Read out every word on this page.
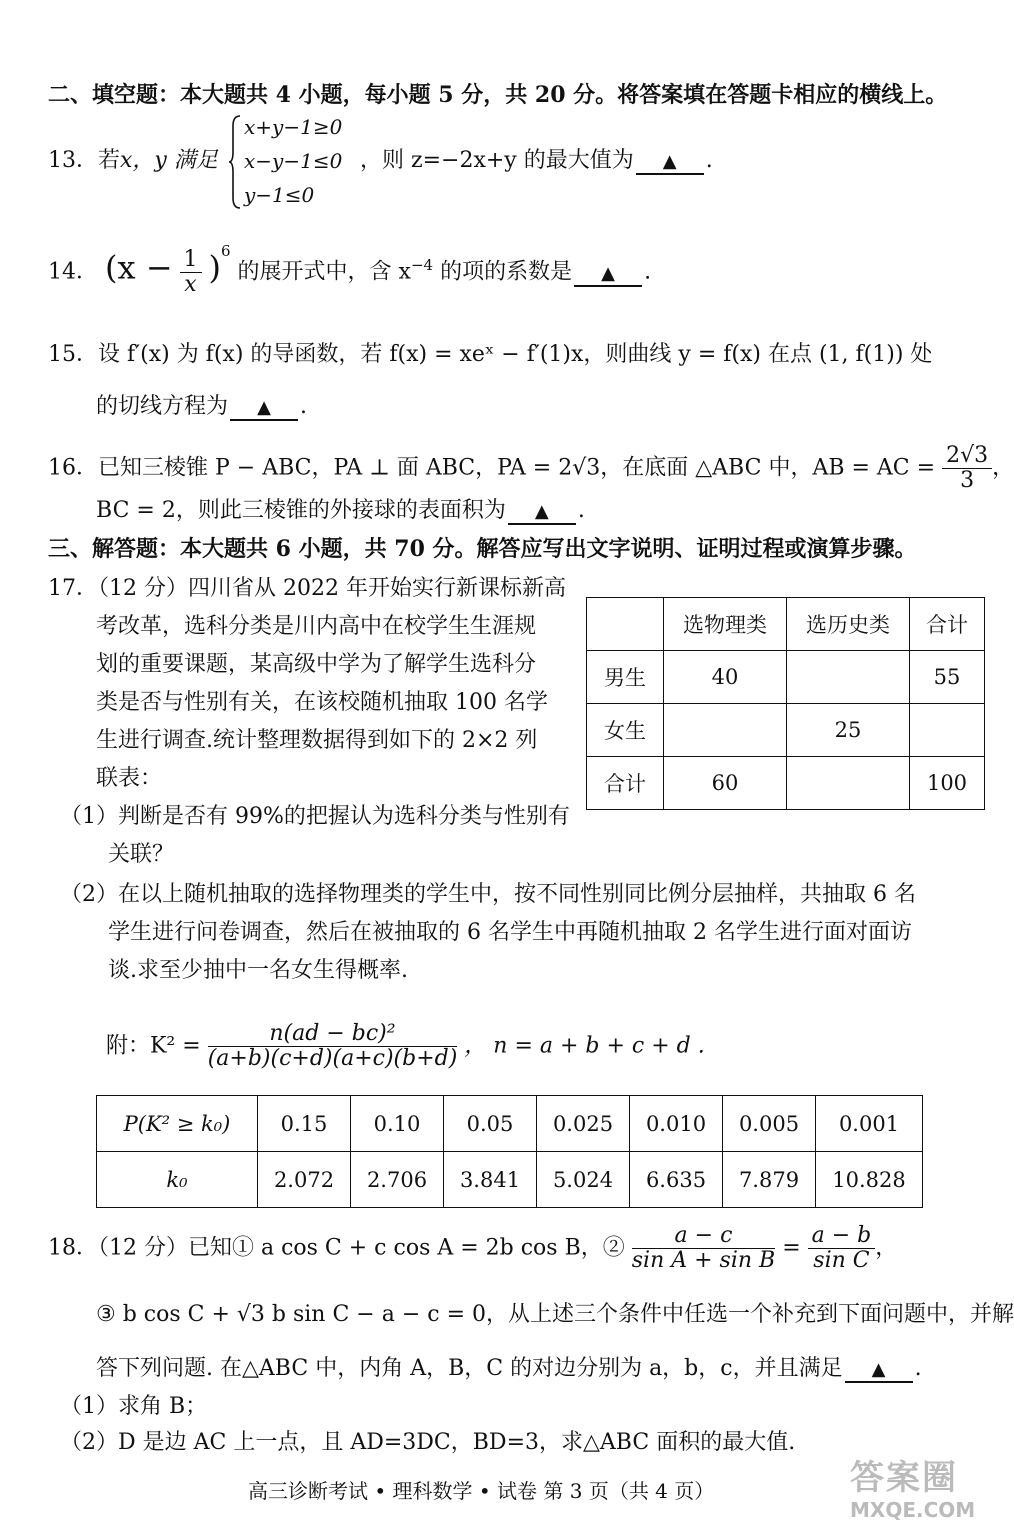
二、填空题：本大题共 4 小题，每小题 5 分，共 20 分。将答案填在答题卡相应的横线上。
13．若x，y 满足
x+y−1≥0
x−y−1≤0
y−1≤0
，则 z=−2x+y 的最大值为 ▲ .
14． $(x - \frac{1}{x} )^6$ 的展开式中，含 $x^{-4}$ 的项的系数是 ▲ .
15．设 f′(x) 为 f(x) 的导函数，若 f(x) = xeˣ − f′(1)x，则曲线 y = f(x) 在点 (1, f(1)) 处
的切线方程为 ▲ .
16．已知三棱锥 P − ABC，PA ⊥ 面 ABC，PA = 2√3，在底面 △ABC 中，AB = AC = $\frac{2√3}{3}$ ，
BC = 2，则此三棱锥的外接球的表面积为 ▲ .
三、解答题：本大题共 6 小题，共 70 分。解答应写出文字说明、证明过程或演算步骤。
17．（12 分）四川省从 2022 年开始实行新课标新高
考改革，选科分类是川内高中在校学生生涯规
划的重要课题，某高级中学为了解学生选科分
类是否与性别有关，在该校随机抽取 100 名学
生进行调查.统计整理数据得到如下的 2×2 列
联表：
（1）判断是否有 99%的把握认为选科分类与性别有
关联？
	选物理类	选历史类	合计
男生	40		55
女生		25	
合计	60		100
（2）在以上随机抽取的选择物理类的学生中，按不同性别同比例分层抽样，共抽取 6 名
学生进行问卷调查，然后在被抽取的 6 名学生中再随机抽取 2 名学生进行面对面访
谈.求至少抽中一名女生得概率.
附：$K^2 = \frac{\text{n(ad − bc)²}}{(a+b)(c+d)(a+c)(b+d)}$ ， n = a + b + c + d .
P(K² ≥ k₀)	0.15	0.10	0.05	0.025	0.010	0.005	0.001
k₀	2.072	2.706	3.841	5.024	6.635	7.879	10.828
18．（12 分）已知① a cos C + c cos A = 2b cos B，② $\frac{a - c}{\text{sin A + sin B}} = \frac{a - b}{\text{sin C}}$ ，
③ b cos C + √3 b sin C − a − c = 0，从上述三个条件中任选一个补充到下面问题中，并解
答下列问题. 在△ABC 中，内角 A，B，C 的对边分别为 a，b，c，并且满足 ▲ .
（1）求角 B；
（2）D 是边 AC 上一点，且 AD=3DC，BD=3，求△ABC 面积的最大值.
高三诊断考试 • 理科数学 • 试卷 第 3 页（共 4 页）	答案圈
MXQE.COM
